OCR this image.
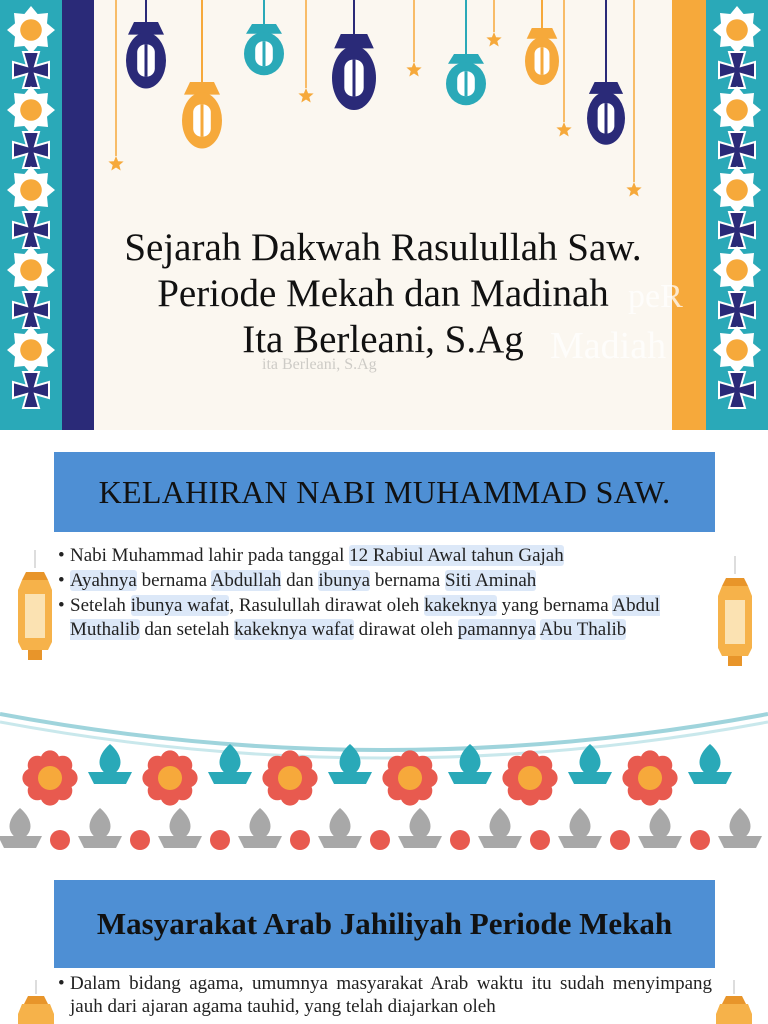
Sejarah Dakwah Rasulullah Saw.
Periode Mekah dan Madinah
Ita Berleani, S.Ag
peR
Madiah
ita Berleani, S.Ag
KELAHIRAN NABI MUHAMMAD SAW.
• Nabi Muhammad lahir pada tanggal 12 Rabiul Awal tahun Gajah
• Ayahnya bernama Abdullah dan ibunya bernama Siti Aminah
• Setelah ibunya wafat, Rasulullah dirawat oleh kakeknya yang bernama Abdul Muthalib dan setelah kakeknya wafat dirawat oleh pamannya Abu Thalib
Masyarakat Arab Jahiliyah Periode Mekah
• Dalam bidang agama, umumnya masyarakat Arab waktu itu sudah menyimpang jauh dari ajaran agama tauhid, yang telah diajarkan oleh
